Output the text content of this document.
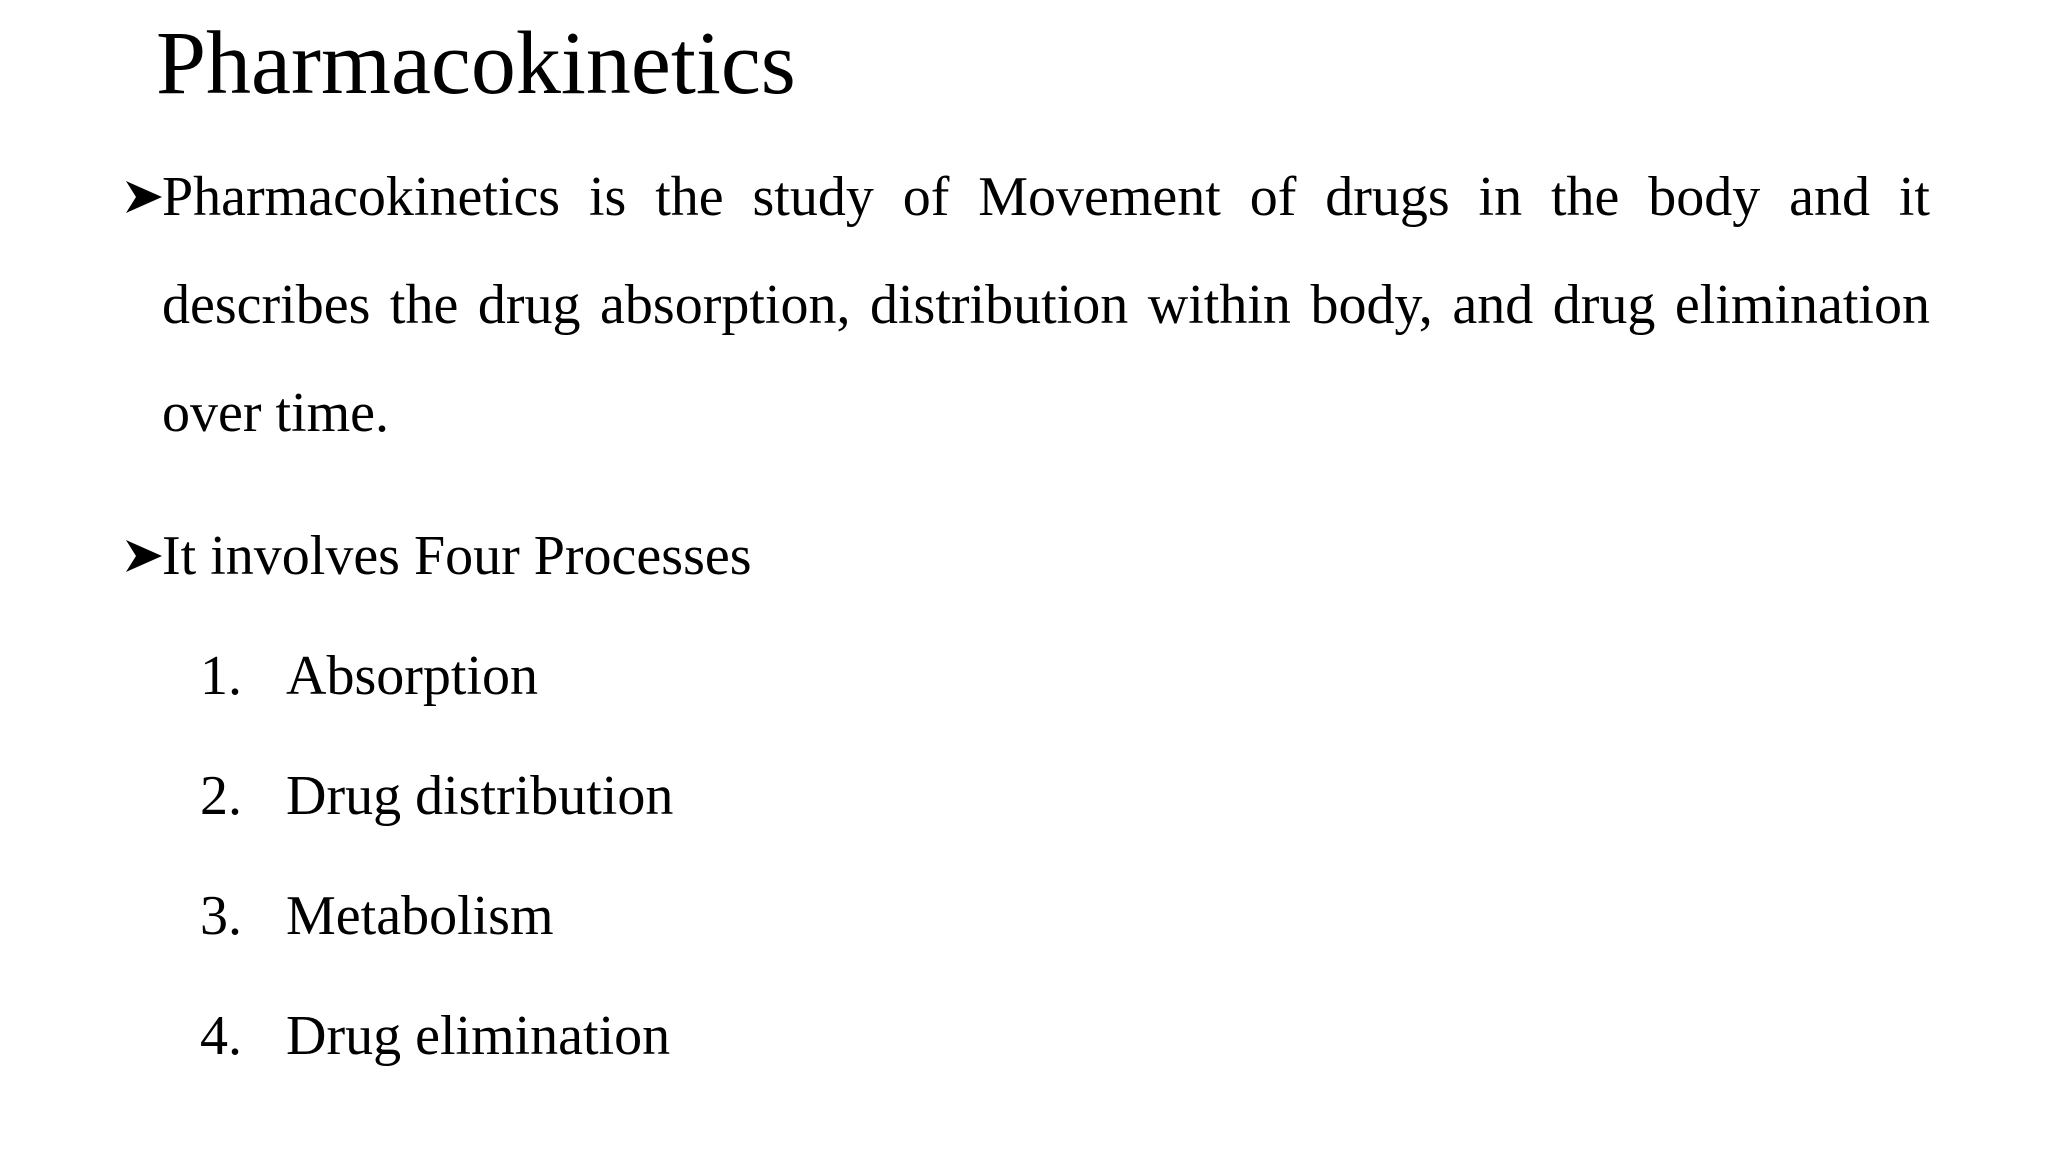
Pharmacokinetics
Pharmacokinetics is the study of Movement of drugs in the body and it describes the drug absorption, distribution within body, and drug elimination over time.
It involves Four Processes
1. Absorption
2. Drug distribution
3. Metabolism
4. Drug elimination
